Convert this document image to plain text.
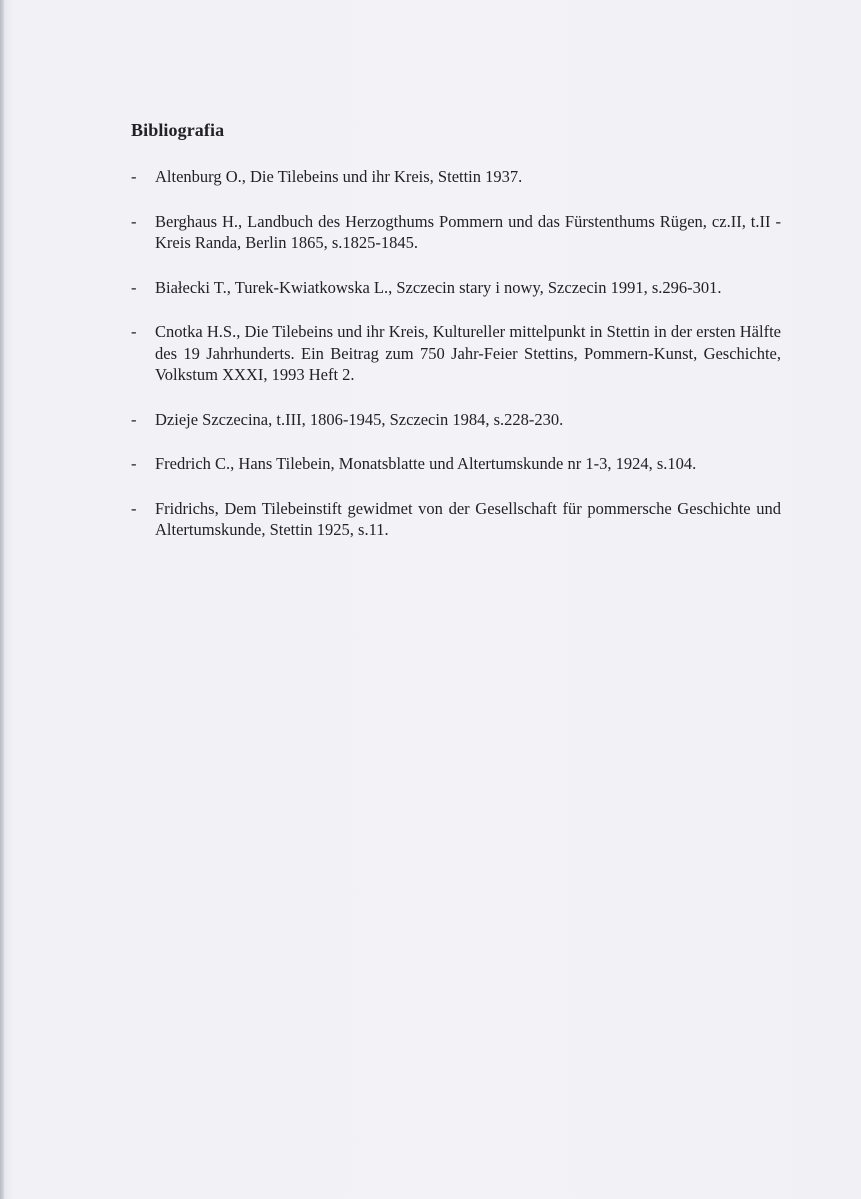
Bibliografia
-	Altenburg O., Die Tilebeins und ihr Kreis, Stettin 1937.
-	Berghaus H., Landbuch des Herzogthums Pommern und das Fürstenthums Rügen, cz.II, t.II - Kreis Randa, Berlin 1865, s.1825-1845.
-	Białecki T., Turek-Kwiatkowska L., Szczecin stary i nowy, Szczecin 1991, s.296-301.
-	Cnotka H.S., Die Tilebeins und ihr Kreis, Kultureller mittelpunkt in Stettin in der ersten Hälfte des 19 Jahrhunderts. Ein Beitrag zum 750 Jahr-Feier Stettins, Pommern-Kunst, Geschichte, Volkstum XXXI, 1993 Heft 2.
-	Dzieje Szczecina, t.III, 1806-1945, Szczecin 1984, s.228-230.
-	Fredrich C., Hans Tilebein, Monatsblatte und Altertumskunde nr 1-3, 1924, s.104.
-	Fridrichs, Dem Tilebeinstift gewidmet von der Gesellschaft für pommersche Geschichte und Altertumskunde, Stettin 1925, s.11.
